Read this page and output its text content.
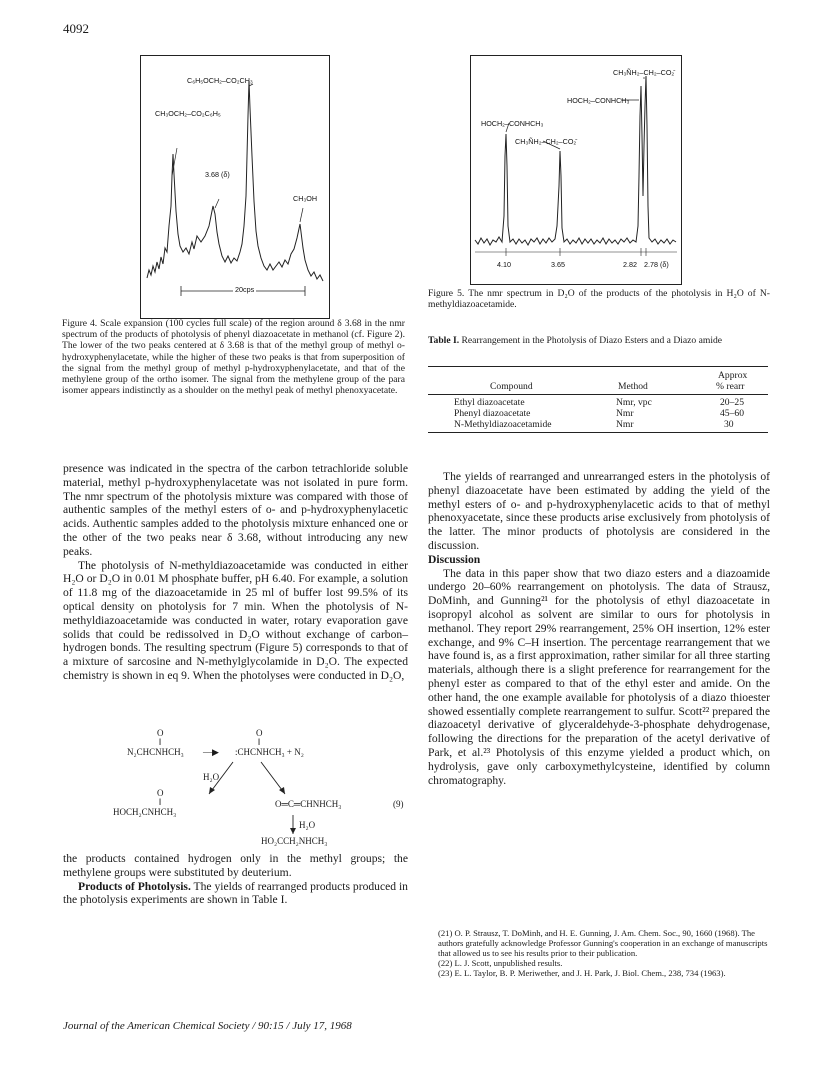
4092
C₆H₅OCH₂–CO₂CH₃
CH₃OCH₂–CO₂C₆H₅
3.68 (δ)
CH₃OH
20cps
Figure 4. Scale expansion (100 cycles full scale) of the region around δ 3.68 in the nmr spectrum of the products of photolysis of phenyl diazoacetate in methanol (cf. Figure 2). The lower of the two peaks centered at δ 3.68 is that of the methyl group of methyl o-hydroxyphenylacetate, while the higher of these two peaks is that from superposition of the signal from the methyl group of methyl p-hydroxyphenylacetate, and that of the methylene group of the ortho isomer. The signal from the methylene group of the para isomer appears indistinctly as a shoulder on the methyl peak of methyl phenoxyacetate.
CH₃ÑH₂–CH₂–CO₂̄
HOCH₂–CONHCH₃
HOCH₂–CONHCH₃
CH₃ÑH₂–CH₂–CO₂̄
4.10	3.65	2.82 2.78 (δ)
Figure 5. The nmr spectrum in D₂O of the products of the photolysis in H₂O of N-methyldiazoacetamide.
Table I. Rearrangement in the Photolysis of Diazo Esters and a Diazo amide
Approx
Compound	Method	% rearr
Ethyl diazoacetate	Nmr, vpc	20–25
Phenyl diazoacetate	Nmr	45–60
N-Methyldiazoacetamide	Nmr	30

presence was indicated in the spectra of the carbon tetrachloride soluble material, methyl p-hydroxyphenylacetate was not isolated in pure form. The nmr spectrum of the photolysis mixture was compared with those of authentic samples of the methyl esters of o- and p-hydroxyphenylacetic acids. Authentic samples added to the photolysis mixture enhanced one or the other of the two peaks near δ 3.68, without introducing any new peaks.

The photolysis of N-methyldiazoacetamide was conducted in either H₂O or D₂O in 0.01 M phosphate buffer, pH 6.40. For example, a solution of 11.8 mg of the diazoacetamide in 25 ml of buffer lost 99.5% of its optical density on photolysis for 7 min. When the photolysis of N-methyldiazoacetamide was conducted in water, rotary evaporation gave solids that could be redissolved in D₂O without exchange of carbon–hydrogen bonds. The resulting spectrum (Figure 5) corresponds to that of a mixture of sarcosine and N-methylglycolamide in D₂O. The expected chemistry is shown in eq 9. When the photolyses were conducted in D₂O,

O	O
‖	‖
N₂CHCNHCH₃ —▶ :CHCNHCH₃ + N₂
H₂O
O
‖
HOCH₂CNHCH₃
O═C═CHNHCH₃	(9)
H₂O
HO₂CCH₂NHCH₃

the products contained hydrogen only in the methyl groups; the methylene groups were substituted by deuterium.

Products of Photolysis. The yields of rearranged products produced in the photolysis experiments are shown in Table I.

The yields of rearranged and unrearranged esters in the photolysis of phenyl diazoacetate have been estimated by adding the yield of the methyl esters of o- and p-hydroxyphenylacetic acids to that of methyl phenoxyacetate, since these products arise exclusively from photolysis of the latter. The minor products of photolysis are considered in the discussion.

Discussion

The data in this paper show that two diazo esters and a diazoamide undergo 20–60% rearrangement on photolysis. The data of Strausz, DoMinh, and Gunning²¹ for the photolysis of ethyl diazoacetate in isopropyl alcohol as solvent are similar to ours for photolysis in methanol. They report 29% rearrangement, 25% OH insertion, 12% ester exchange, and 9% C–H insertion. The percentage rearrangement that we have found is, as a first approximation, rather similar for all three starting materials, although there is a slight preference for rearrangement for the phenyl ester as compared to that of the ethyl ester and amide. On the other hand, the one example available for photolysis of a diazo thioester showed essentially complete rearrangement to sulfur. Scott²² prepared the diazoacetyl derivative of glyceraldehyde-3-phosphate dehydrogenase, following the directions for the preparation of the acetyl derivative of Park, et al.²³ Photolysis of this enzyme yielded a product which, on hydrolysis, gave only carboxymethylcysteine, identified by column chromatography.

(21) O. P. Strausz, T. DoMinh, and H. E. Gunning, J. Am. Chem. Soc., 90, 1660 (1968). The authors gratefully acknowledge Professor Gunning's cooperation in an exchange of manuscripts that allowed us to see his results prior to their publication.
(22) L. J. Scott, unpublished results.
(23) E. L. Taylor, B. P. Meriwether, and J. H. Park, J. Biol. Chem., 238, 734 (1963).
Journal of the American Chemical Society / 90:15 / July 17, 1968
